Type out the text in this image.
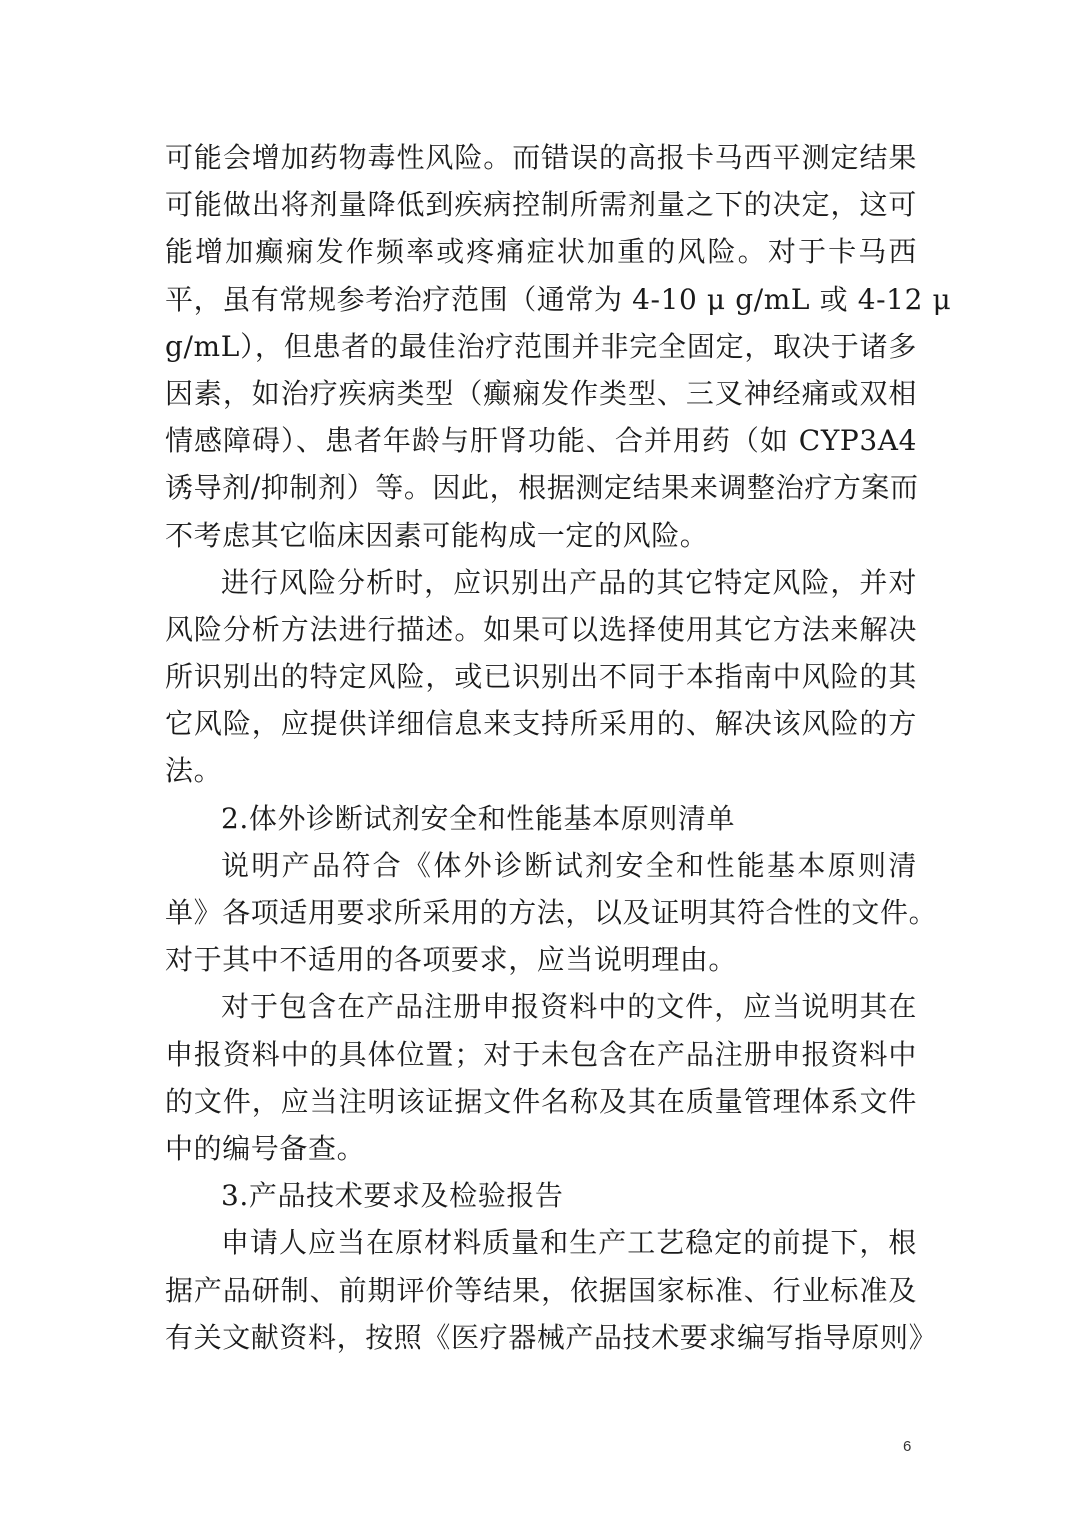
可能会增加药物毒性风险。而错误的高报卡马西平测定结果
可能做出将剂量降低到疾病控制所需剂量之下的决定，这可
能增加癫痫发作频率或疼痛症状加重的风险。对于卡马西
平，虽有常规参考治疗范围（通常为 4-10 μ g/mL 或 4-12 μ
g/mL），但患者的最佳治疗范围并非完全固定，取决于诸多
因素，如治疗疾病类型（癫痫发作类型、三叉神经痛或双相
情感障碍）、患者年龄与肝肾功能、合并用药（如 CYP3A4
诱导剂/抑制剂）等。因此，根据测定结果来调整治疗方案而
不考虑其它临床因素可能构成一定的风险。
进行风险分析时，应识别出产品的其它特定风险，并对
风险分析方法进行描述。如果可以选择使用其它方法来解决
所识别出的特定风险，或已识别出不同于本指南中风险的其
它风险，应提供详细信息来支持所采用的、解决该风险的方
法。
2.体外诊断试剂安全和性能基本原则清单
说明产品符合《体外诊断试剂安全和性能基本原则清
单》各项适用要求所采用的方法，以及证明其符合性的文件。
对于其中不适用的各项要求，应当说明理由。
对于包含在产品注册申报资料中的文件，应当说明其在
申报资料中的具体位置；对于未包含在产品注册申报资料中
的文件，应当注明该证据文件名称及其在质量管理体系文件
中的编号备查。
3.产品技术要求及检验报告
申请人应当在原材料质量和生产工艺稳定的前提下，根
据产品研制、前期评价等结果，依据国家标准、行业标准及
有关文献资料，按照《医疗器械产品技术要求编写指导原则》
6
